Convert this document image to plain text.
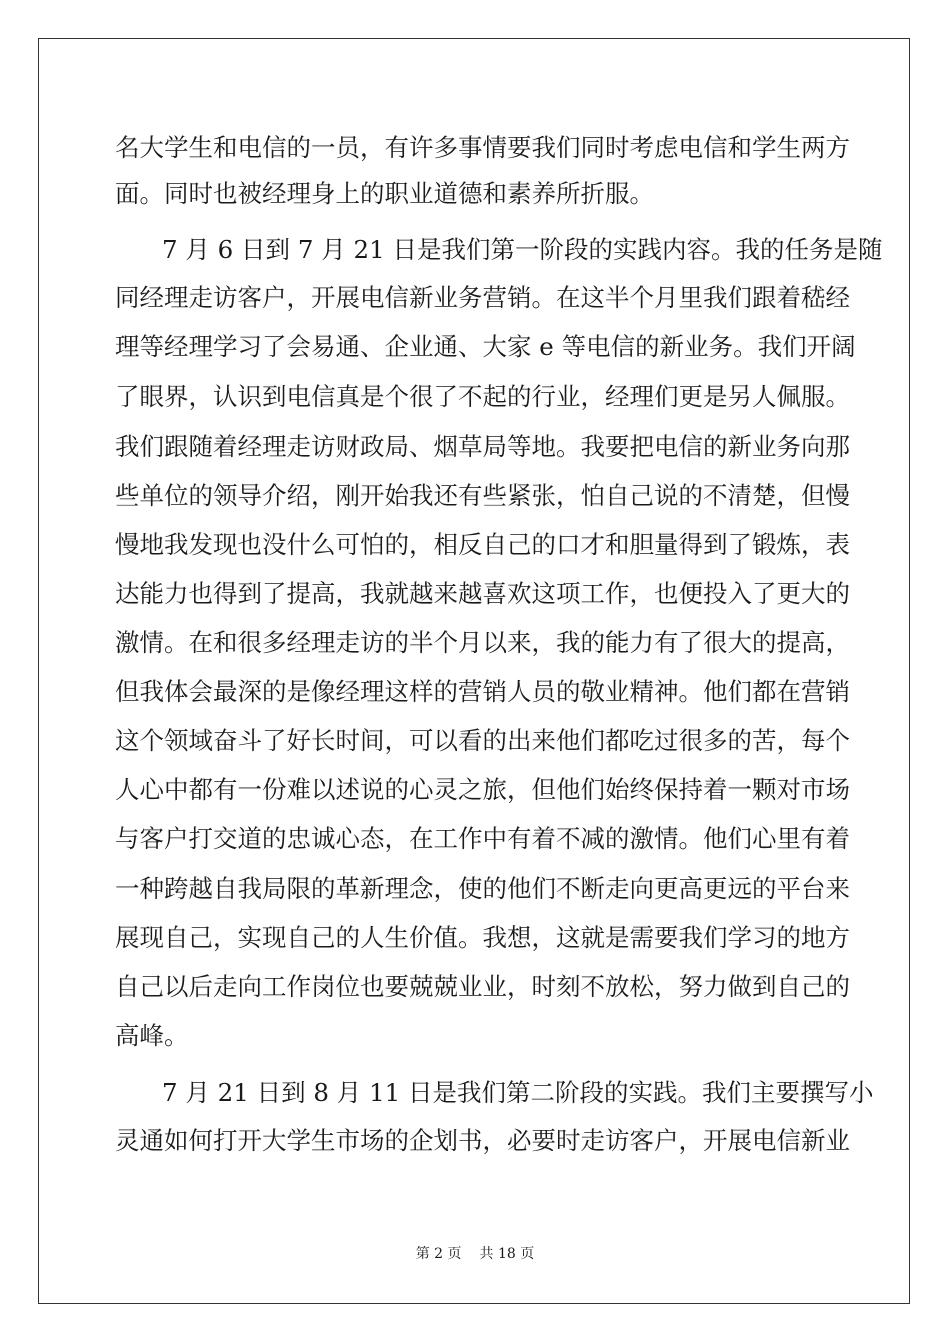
名大学生和电信的一员，有许多事情要我们同时考虑电信和学生两方
面。同时也被经理身上的职业道德和素养所折服。
7 月 6 日到 7 月 21 日是我们第一阶段的实践内容。我的任务是随
同经理走访客户，开展电信新业务营销。在这半个月里我们跟着嵇经
理等经理学习了会易通、企业通、大家 e 等电信的新业务。我们开阔
了眼界，认识到电信真是个很了不起的行业，经理们更是另人佩服。
我们跟随着经理走访财政局、烟草局等地。我要把电信的新业务向那
些单位的领导介绍，刚开始我还有些紧张，怕自己说的不清楚，但慢
慢地我发现也没什么可怕的，相反自己的口才和胆量得到了锻炼，表
达能力也得到了提高，我就越来越喜欢这项工作，也便投入了更大的
激情。在和很多经理走访的半个月以来，我的能力有了很大的提高，
但我体会最深的是像经理这样的营销人员的敬业精神。他们都在营销
这个领域奋斗了好长时间，可以看的出来他们都吃过很多的苦，每个
人心中都有一份难以述说的心灵之旅，但他们始终保持着一颗对市场
与客户打交道的忠诚心态，在工作中有着不减的激情。他们心里有着
一种跨越自我局限的革新理念，使的他们不断走向更高更远的平台来
展现自己，实现自己的人生价值。我想，这就是需要我们学习的地方
自己以后走向工作岗位也要兢兢业业，时刻不放松，努力做到自己的
高峰。
7 月 21 日到 8 月 11 日是我们第二阶段的实践。我们主要撰写小
灵通如何打开大学生市场的企划书，必要时走访客户，开展电信新业
第 2 页 共 18 页
